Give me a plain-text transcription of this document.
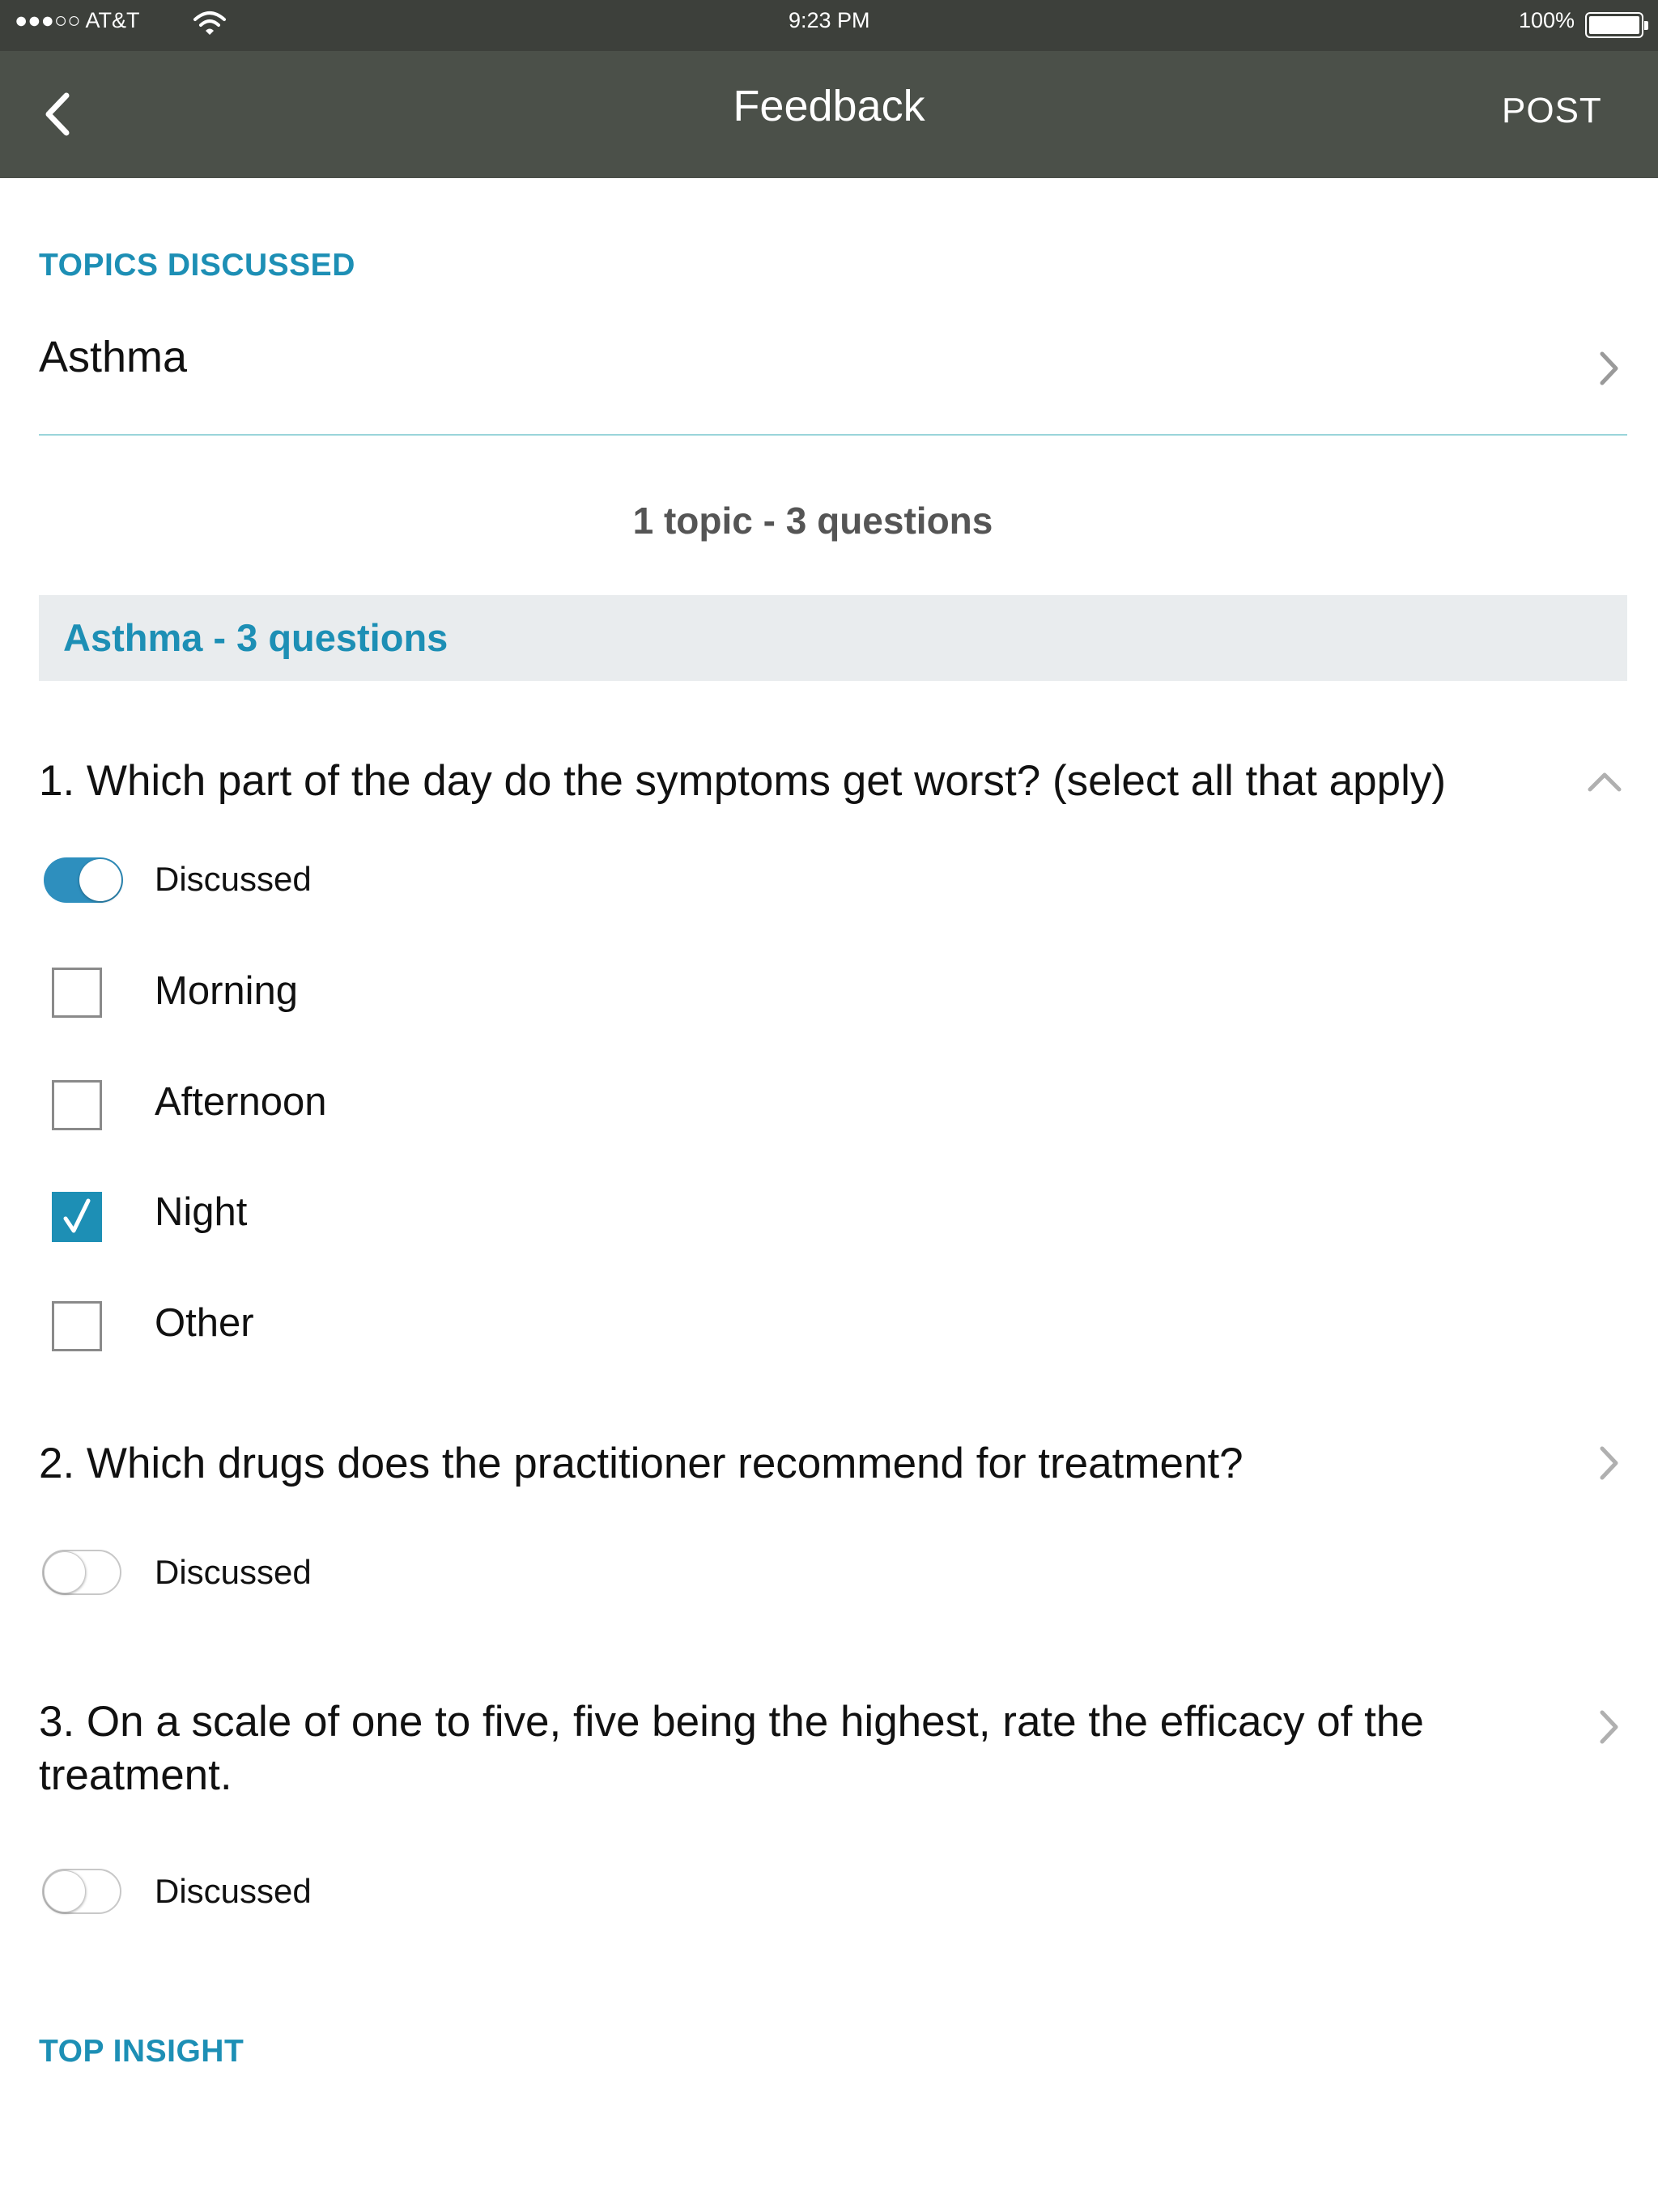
●●●○○ AT&T	9:23 PM	100%
Feedback	POST
TOPICS DISCUSSED
Asthma
1 topic - 3 questions
Asthma - 3 questions
1. Which part of the day do the symptoms get worst? (select all that apply)
Discussed
Morning
Afternoon
Night
Other
2. Which drugs does the practitioner recommend for treatment?
Discussed
3. On a scale of one to five, five being the highest, rate the efficacy of the
treatment.
Discussed
TOP INSIGHT
